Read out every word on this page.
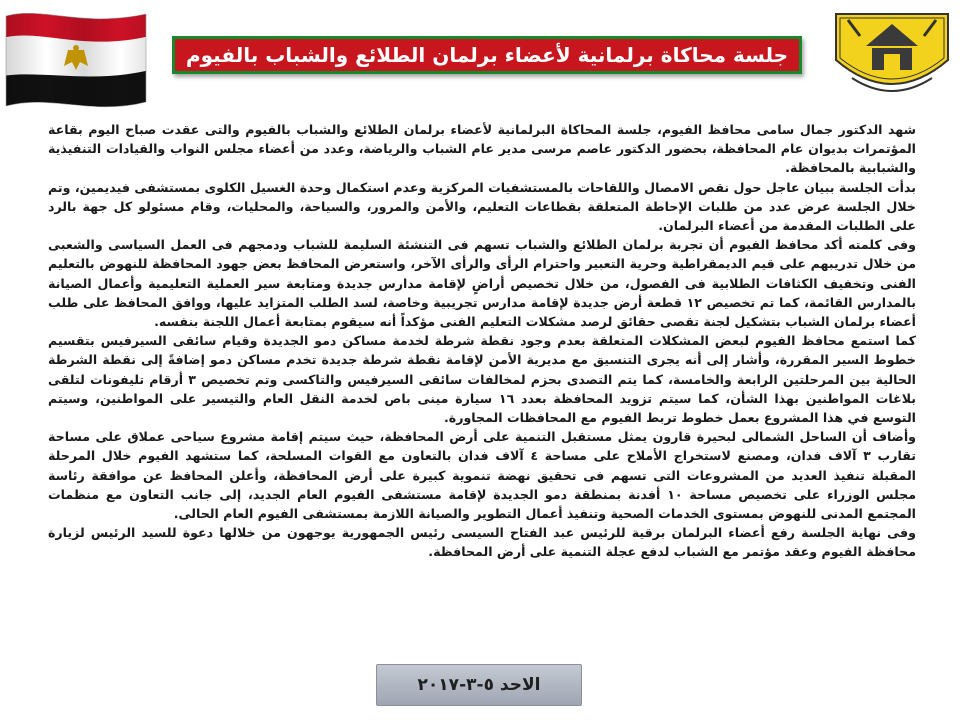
جلسة محاكاة برلمانية لأعضاء برلمان الطلائع والشباب بالفيوم

شهد الدكتور جمال سامى محافظ الفيوم، جلسة المحاكاة البرلمانية لأعضاء برلمان الطلائع والشباب بالفيوم والتى عقدت صباح اليوم بقاعة المؤتمرات بديوان عام المحافظة، بحضور الدكتور عاصم مرسى مدير عام الشباب والرياضة، وعدد من أعضاء مجلس النواب والقيادات التنفيذية والشبابية بالمحافظة.

بدأت الجلسة ببيان عاجل حول نقص الامصال واللقاحات بالمستشفيات المركزية وعدم استكمال وحدة الغسيل الكلوى بمستشفى فيديمين، وتم خلال الجلسة عرض عدد من طلبات الإحاطة المتعلقة بقطاعات التعليم، والأمن والمرور، والسياحة، والمحليات، وقام مسئولو كل جهة بالرد على الطلبات المقدمة من أعضاء البرلمان.

وفى كلمته أكد محافظ الفيوم أن تجربة برلمان الطلائع والشباب تسهم فى التنشئة السليمة للشباب ودمجهم فى العمل السياسى والشعبى من خلال تدريبهم على قيم الديمقراطية وحرية التعبير واحترام الرأى والرأى الآخر، واستعرض المحافظ بعض جهود المحافظة للنهوض بالتعليم الفنى وتخفيف الكثافات الطلابية فى الفصول، من خلال تخصيص أراضٍ لإقامة مدارس جديدة ومتابعة سير العملية التعليمية وأعمال الصيانة بالمدارس القائمة، كما تم تخصيص ١٢ قطعة أرض جديدة لإقامة مدارس تجريبية وخاصة، لسد الطلب المتزايد عليها، ووافق المحافظ على طلب أعضاء برلمان الشباب بتشكيل لجنة تقصى حقائق لرصد مشكلات التعليم الفنى مؤكداً أنه سيقوم بمتابعة أعمال اللجنة بنفسه.

كما استمع محافظ الفيوم لبعض المشكلات المتعلقة بعدم وجود نقطة شرطة لخدمة مساكن دمو الجديدة وقيام سائقى السيرفيس بتقسيم خطوط السير المقررة، وأشار إلى أنه يجرى التنسيق مع مديرية الأمن لإقامة نقطة شرطة جديدة تخدم مساكن دمو إضافةً إلى نقطة الشرطة الحالية بين المرحلتين الرابعة والخامسة، كما يتم التصدى بحزم لمخالفات سائقى السيرفيس والتاكسى وتم تخصيص ٣ أرقام تليفونات لتلقى بلاغات المواطنين بهذا الشأن، كما سيتم تزويد المحافظة بعدد ١٦ سيارة مينى باص لخدمة النقل العام والتيسير على المواطنين، وسيتم التوسع في هذا المشروع بعمل خطوط تربط الفيوم مع المحافظات المجاورة.

وأضاف أن الساحل الشمالى لبحيرة قارون يمثل مستقبل التنمية على أرض المحافظة، حيث سيتم إقامة مشروع سياحى عملاق على مساحة تقارب ٣ آلاف فدان، ومصنع لاستخراج الأملاح على مساحة ٤ آلاف فدان بالتعاون مع القوات المسلحة، كما ستشهد الفيوم خلال المرحلة المقبلة تنفيذ العديد من المشروعات التى تسهم فى تحقيق نهضة تنموية كبيرة على أرض المحافظة، وأعلن المحافظ عن موافقة رئاسة مجلس الوزراء على تخصيص مساحة ١٠ أفدنة بمنطقة دمو الجديدة لإقامة مستشفى الفيوم العام الجديد، إلى جانب التعاون مع منظمات المجتمع المدنى للنهوض بمستوى الخدمات الصحية وتنفيذ أعمال التطوير والصيانة اللازمة بمستشفى الفيوم العام الحالى.

وفى نهاية الجلسة رفع أعضاء البرلمان برقية للرئيس عبد الفتاح السيسى رئيس الجمهورية يوجهون من خلالها دعوة للسيد الرئيس لزيارة محافظة الفيوم وعقد مؤتمر مع الشباب لدفع عجلة التنمية على أرض المحافظة.

الاحد ٥-٣-٢٠١٧
